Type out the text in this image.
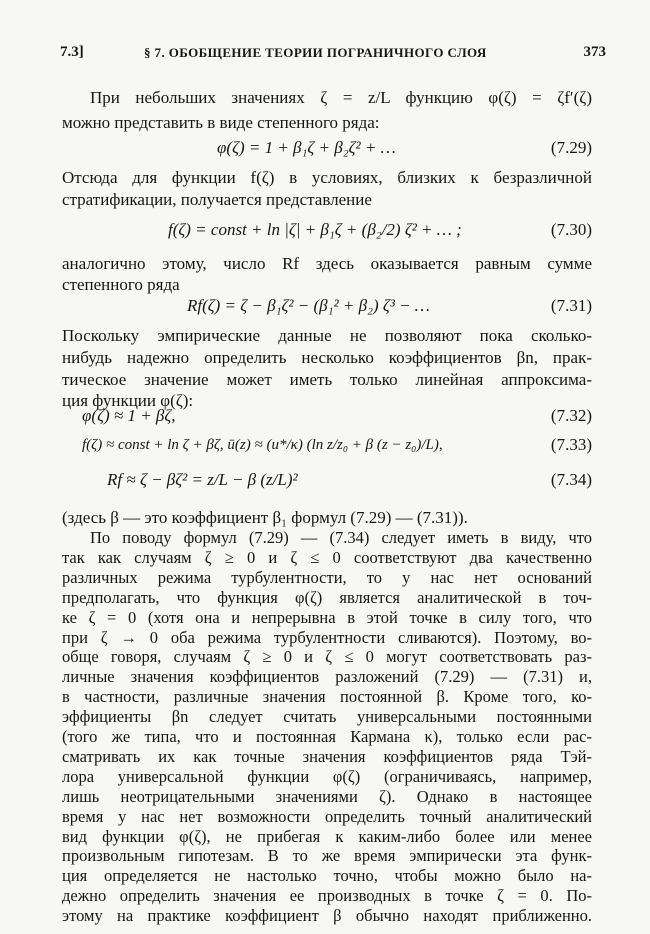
7.3]	§ 7. ОБОБЩЕНИЕ ТЕОРИИ ПОГРАНИЧНОГО СЛОЯ	373
При небольших значениях ζ = z/L функцию φ(ζ) = ζf′(ζ)
можно представить в виде степенного ряда:
φ(ζ) = 1 + β₁ζ + β₂ζ² + …	(7.29)
Отсюда для функции f(ζ) в условиях, близких к безразличной
стратификации, получается представление
f(ζ) = const + ln |ζ| + β₁ζ + (β₂/2) ζ² + … ;	(7.30)
аналогично этому, число Rf здесь оказывается равным сумме
степенного ряда
Rf(ζ) = ζ − β₁ζ² − (β₁² + β₂) ζ³ − …	(7.31)
Поскольку эмпирические данные не позволяют пока сколько-
нибудь надежно определить несколько коэффициентов βn, прак-
тическое значение может иметь только линейная аппроксима-
ция функции φ(ζ):
φ(ζ) ≈ 1 + βζ,	(7.32)
f(ζ) ≈ const + ln ζ + βζ, ū(z) ≈ (u*/κ) (ln z/z₀ + β (z − z₀)/L),	(7.33)
Rf ≈ ζ − βζ² = z/L − β (z/L)²	(7.34)
(здесь β — это коэффициент β₁ формул (7.29) — (7.31)).
По поводу формул (7.29) — (7.34) следует иметь в виду, что
так как случаям ζ ≥ 0 и ζ ≤ 0 соответствуют два качественно
различных режима турбулентности, то у нас нет оснований
предполагать, что функция φ(ζ) является аналитической в точ-
ке ζ = 0 (хотя она и непрерывна в этой точке в силу того, что
при ζ → 0 оба режима турбулентности сливаются). Поэтому, во-
обще говоря, случаям ζ ≥ 0 и ζ ≤ 0 могут соответствовать раз-
личные значения коэффициентов разложений (7.29) — (7.31) и,
в частности, различные значения постоянной β. Кроме того, ко-
эффициенты βn следует считать универсальными постоянными
(того же типа, что и постоянная Кармана κ), только если рас-
сматривать их как точные значения коэффициентов ряда Тэй-
лора универсальной функции φ(ζ) (ограничиваясь, например,
лишь неотрицательными значениями ζ). Однако в настоящее
время у нас нет возможности определить точный аналитический
вид функции φ(ζ), не прибегая к каким-либо более или менее
произвольным гипотезам. В то же время эмпирически эта функ-
ция определяется не настолько точно, чтобы можно было на-
дежно определить значения ее производных в точке ζ = 0. По-
этому на практике коэффициент β обычно находят приближенно.
